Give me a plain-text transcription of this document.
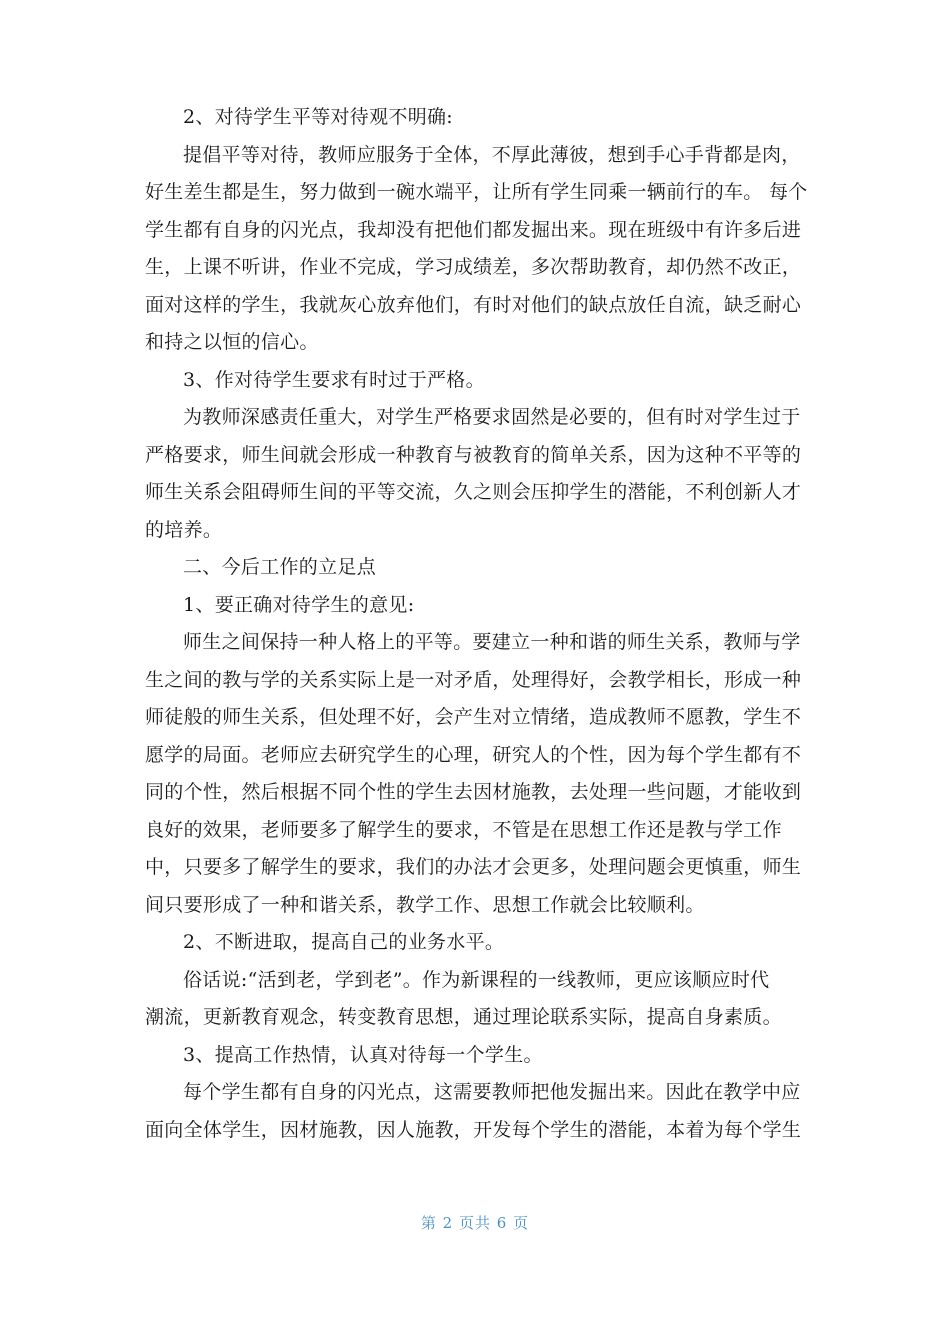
2、对待学生平等对待观不明确:
提倡平等对待，教师应服务于全体，不厚此薄彼，想到手心手背都是肉，
好生差生都是生，努力做到一碗水端平，让所有学生同乘一辆前行的车。 每个
学生都有自身的闪光点，我却没有把他们都发掘出来。现在班级中有许多后进
生，上课不听讲，作业不完成，学习成绩差，多次帮助教育，却仍然不改正，
面对这样的学生，我就灰心放弃他们，有时对他们的缺点放任自流，缺乏耐心
和持之以恒的信心。
3、作对待学生要求有时过于严格。
为教师深感责任重大，对学生严格要求固然是必要的，但有时对学生过于
严格要求，师生间就会形成一种教育与被教育的简单关系，因为这种不平等的
师生关系会阻碍师生间的平等交流，久之则会压抑学生的潜能，不利创新人才
的培养。
二、今后工作的立足点
1、要正确对待学生的意见:
师生之间保持一种人格上的平等。要建立一种和谐的师生关系，教师与学
生之间的教与学的关系实际上是一对矛盾，处理得好，会教学相长，形成一种
师徒般的师生关系，但处理不好，会产生对立情绪，造成教师不愿教，学生不
愿学的局面。老师应去研究学生的心理，研究人的个性，因为每个学生都有不
同的个性，然后根据不同个性的学生去因材施教，去处理一些问题，才能收到
良好的效果，老师要多了解学生的要求，不管是在思想工作还是教与学工作
中，只要多了解学生的要求，我们的办法才会更多，处理问题会更慎重，师生
间只要形成了一种和谐关系，教学工作、思想工作就会比较顺利。
2、不断进取，提高自己的业务水平。
俗话说:“活到老，学到老”。作为新课程的一线教师，更应该顺应时代
潮流，更新教育观念，转变教育思想，通过理论联系实际，提高自身素质。
3、提高工作热情，认真对待每一个学生。
每个学生都有自身的闪光点，这需要教师把他发掘出来。因此在教学中应
面向全体学生，因材施教，因人施教，开发每个学生的潜能，本着为每个学生
第 2 页共 6 页
